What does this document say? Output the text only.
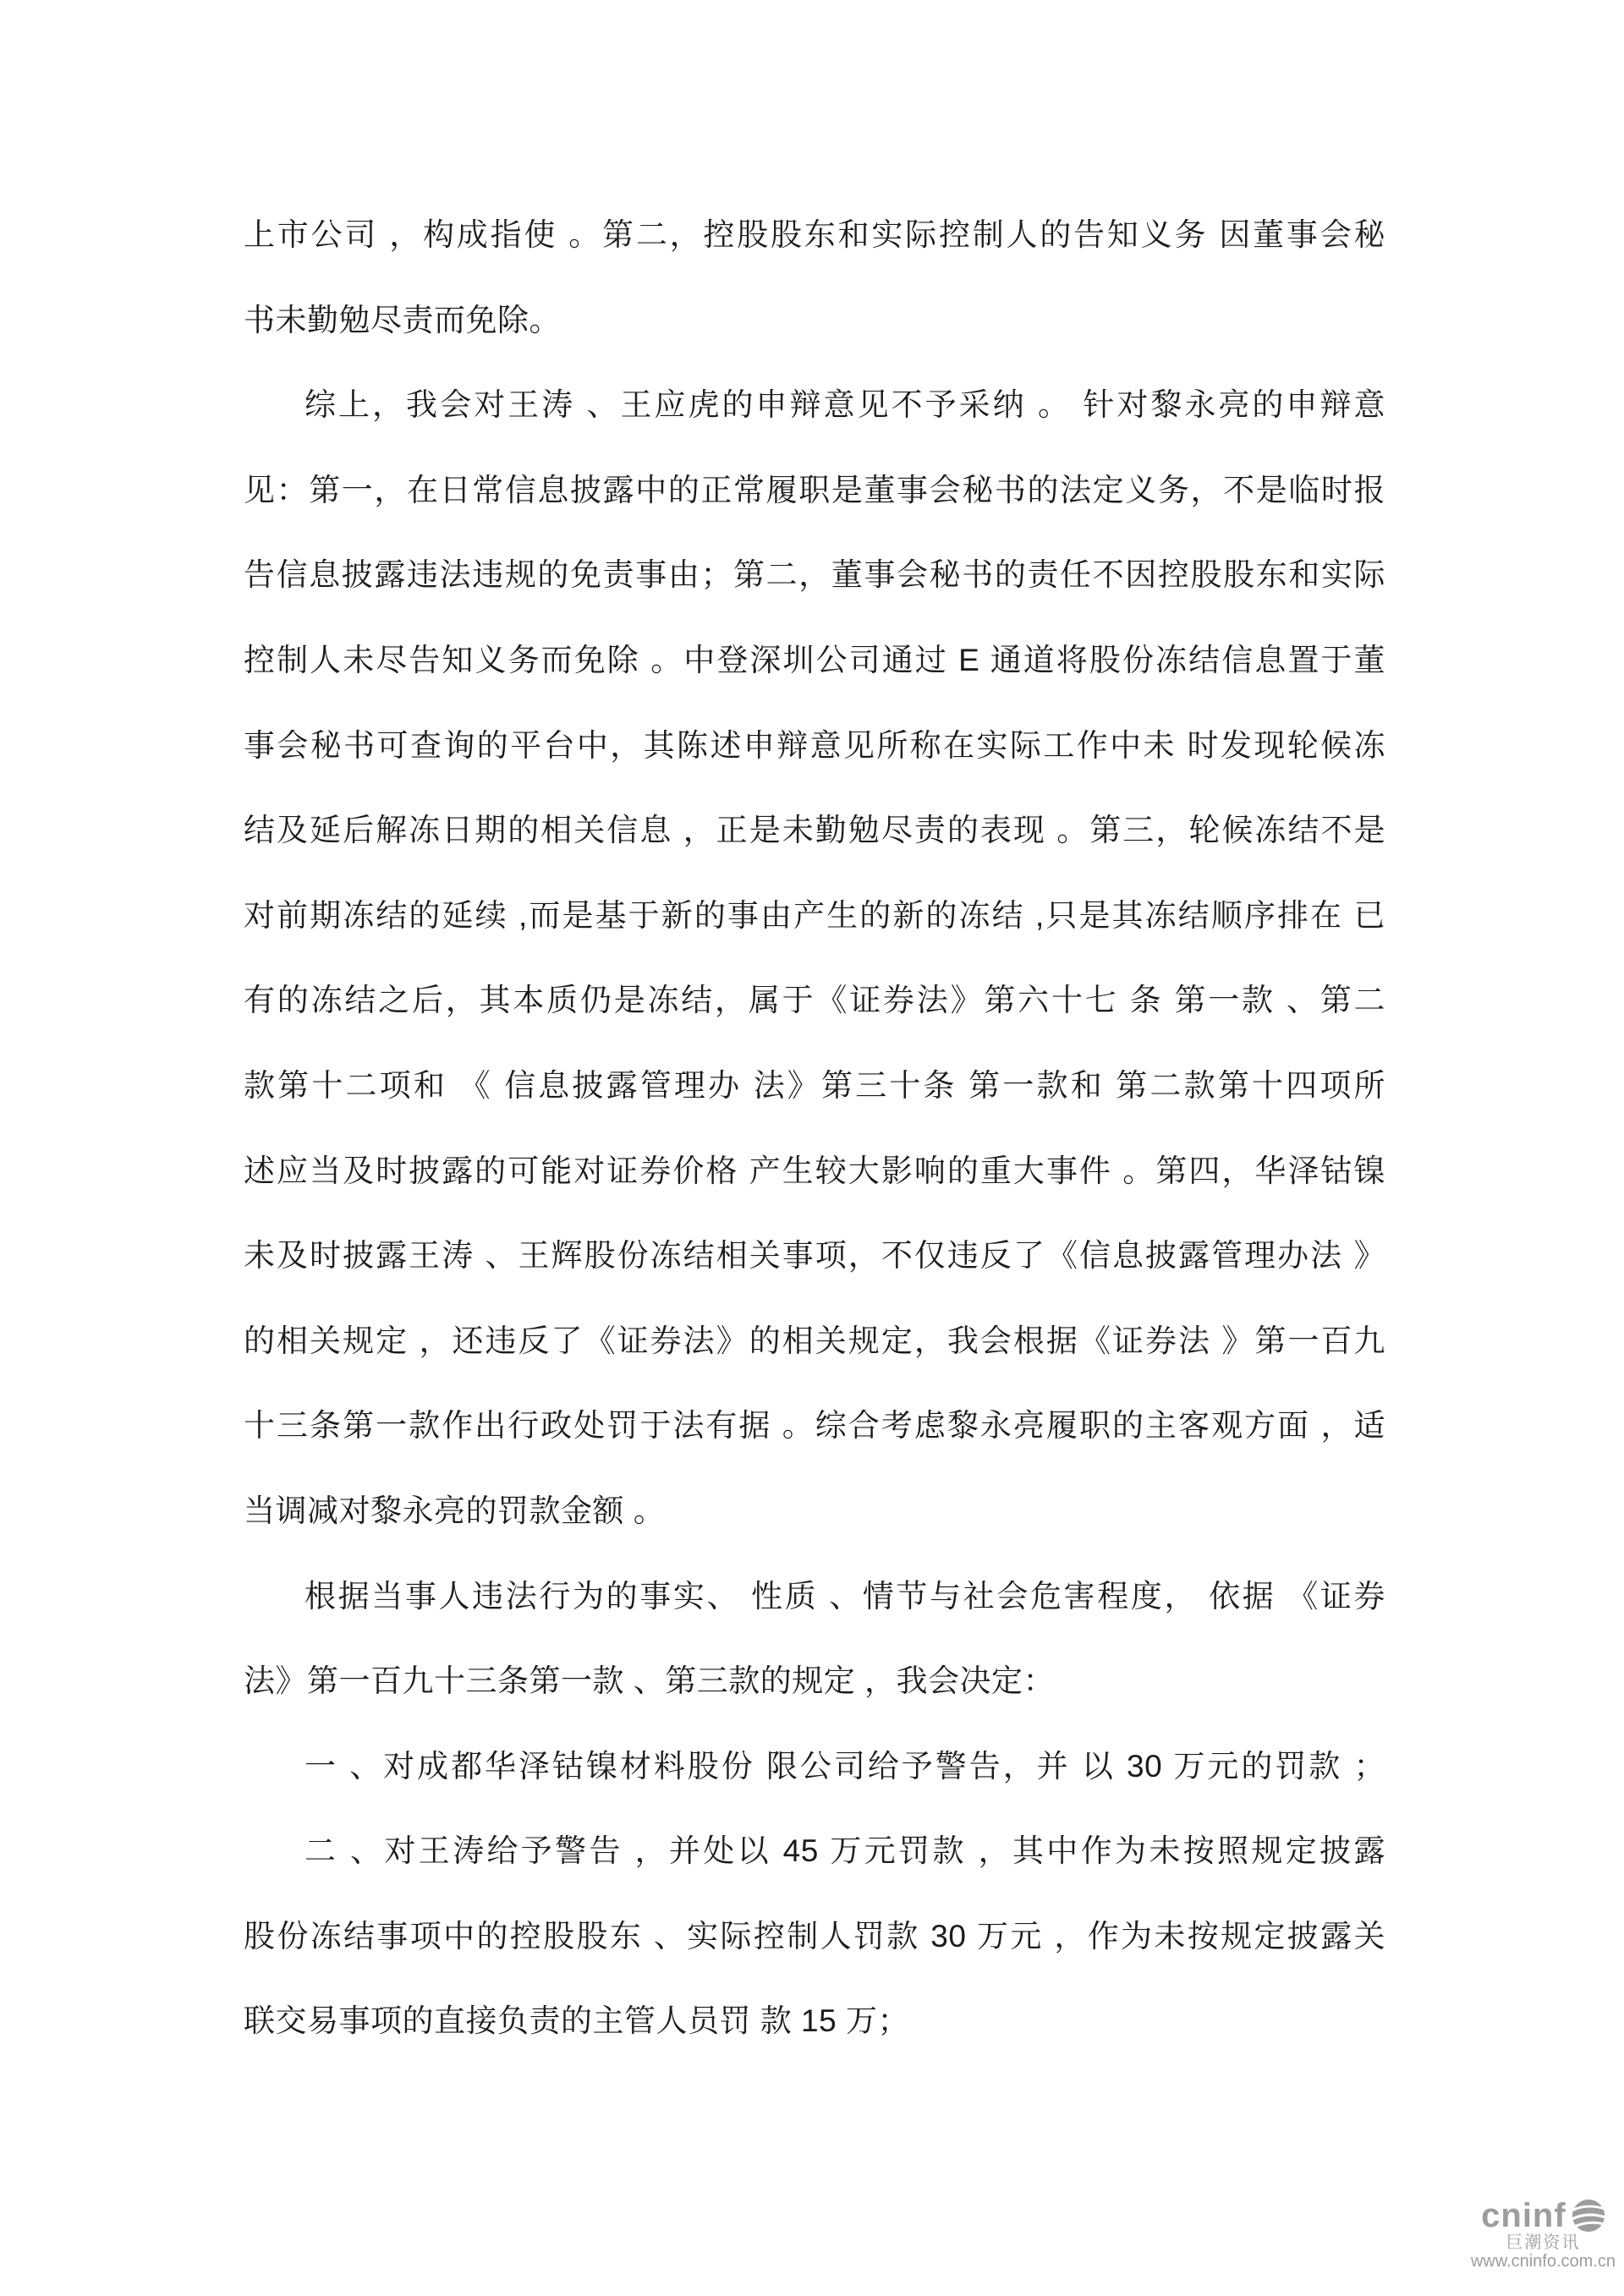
上市公司 ，构成指使 。第二，控股股东和实际控制人的告知义务 因董事会秘

书未勤勉尽责而免除。

综上，我会对王涛 、王应虎的申辩意见不予采纳 。 针对黎永亮的申辩意

见：第一，在日常信息披露中的正常履职是董事会秘书的法定义务，不是临时报

告信息披露违法违规的免责事由；第二，董事会秘书的责任不因控股股东和实际

控制人未尽告知义务而免除 。中登深圳公司通过 E 通道将股份冻结信息置于董

事会秘书可查询的平台中，其陈述申辩意见所称在实际工作中未 时发现轮候冻

结及延后解冻日期的相关信息 ，正是未勤勉尽责的表现 。第三，轮候冻结不是

对前期冻结的延续 ,而是基于新的事由产生的新的冻结 ,只是其冻结顺序排在 已

有的冻结之后，其本质仍是冻结，属于《证券法》第六十七 条 第一款 、第二

款第十二项和 《 信息披露管理办 法》第三十条 第一款和 第二款第十四项所

述应当及时披露的可能对证券价格 产生较大影响的重大事件 。第四，华泽钴镍

未及时披露王涛 、王辉股份冻结相关事项，不仅违反了《信息披露管理办法 》

的相关规定 ，还违反了《证券法》的相关规定，我会根据《证券法 》第一百九

十三条第一款作出行政处罚于法有据 。综合考虑黎永亮履职的主客观方面 ，适

当调减对黎永亮的罚款金额 。

根据当事人违法行为的事实、 性质 、情节与社会危害程度， 依据 《证券

法》第一百九十三条第一款 、第三款的规定 ，我会决定：

一 、对成都华泽钴镍材料股份 限公司给予警告，并 以 30 万元的罚款 ；

二 、对王涛给予警告 ，并处以 45 万元罚款 ，其中作为未按照规定披露

股份冻结事项中的控股股东 、实际控制人罚款 30 万元 ，作为未按规定披露关

联交易事项的直接负责的主管人员罚 款 15 万；

cninf
巨潮资讯
www.cninfo.com.cn
